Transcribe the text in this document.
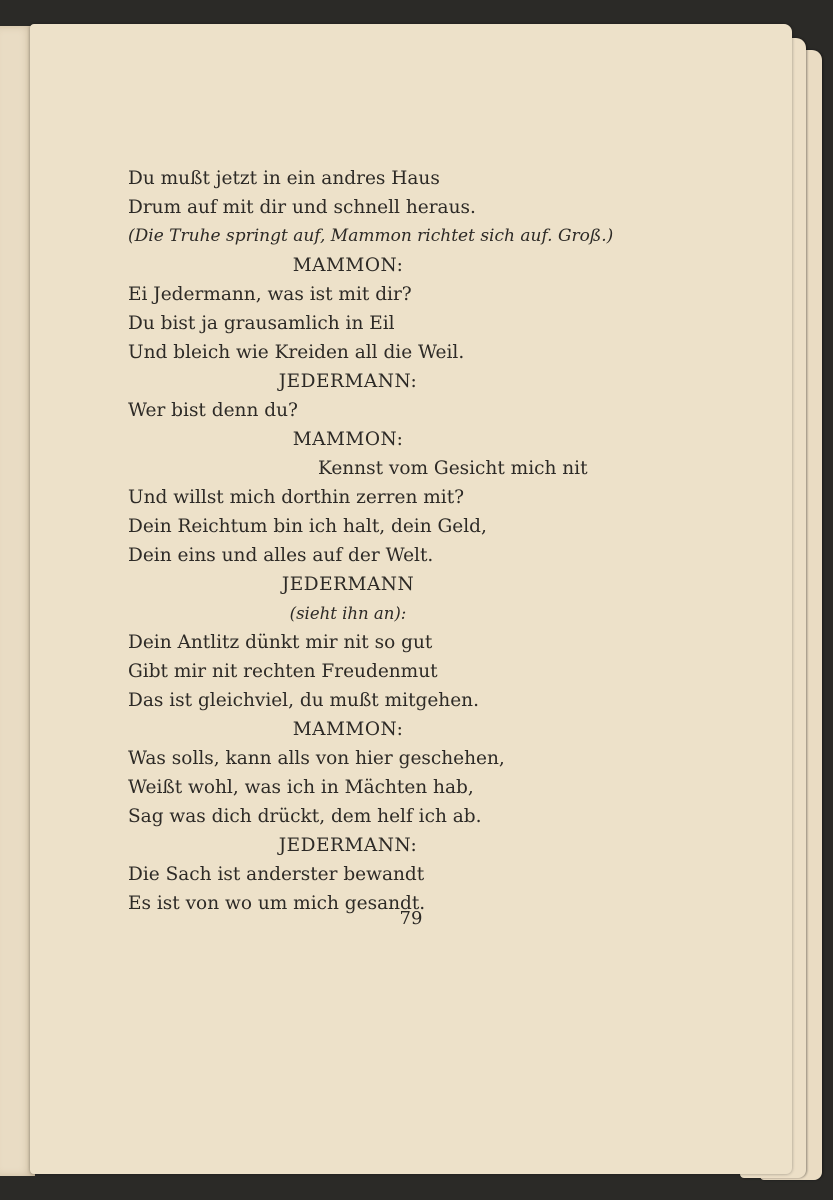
Du mußt jetzt in ein andres Haus
Drum auf mit dir und schnell heraus.
(Die Truhe springt auf, Mammon richtet sich auf. Groß.)
MAMMON:
Ei Jedermann, was ist mit dir?
Du bist ja grausamlich in Eil
Und bleich wie Kreiden all die Weil.
JEDERMANN:
Wer bist denn du?
MAMMON:
Kennst vom Gesicht mich nit
Und willst mich dorthin zerren mit?
Dein Reichtum bin ich halt, dein Geld,
Dein eins und alles auf der Welt.
JEDERMANN
(sieht ihn an):
Dein Antlitz dünkt mir nit so gut
Gibt mir nit rechten Freudenmut
Das ist gleichviel, du mußt mitgehen.
MAMMON:
Was solls, kann alls von hier geschehen,
Weißt wohl, was ich in Mächten hab,
Sag was dich drückt, dem helf ich ab.
JEDERMANN:
Die Sach ist anderster bewandt
Es ist von wo um mich gesandt.
79
